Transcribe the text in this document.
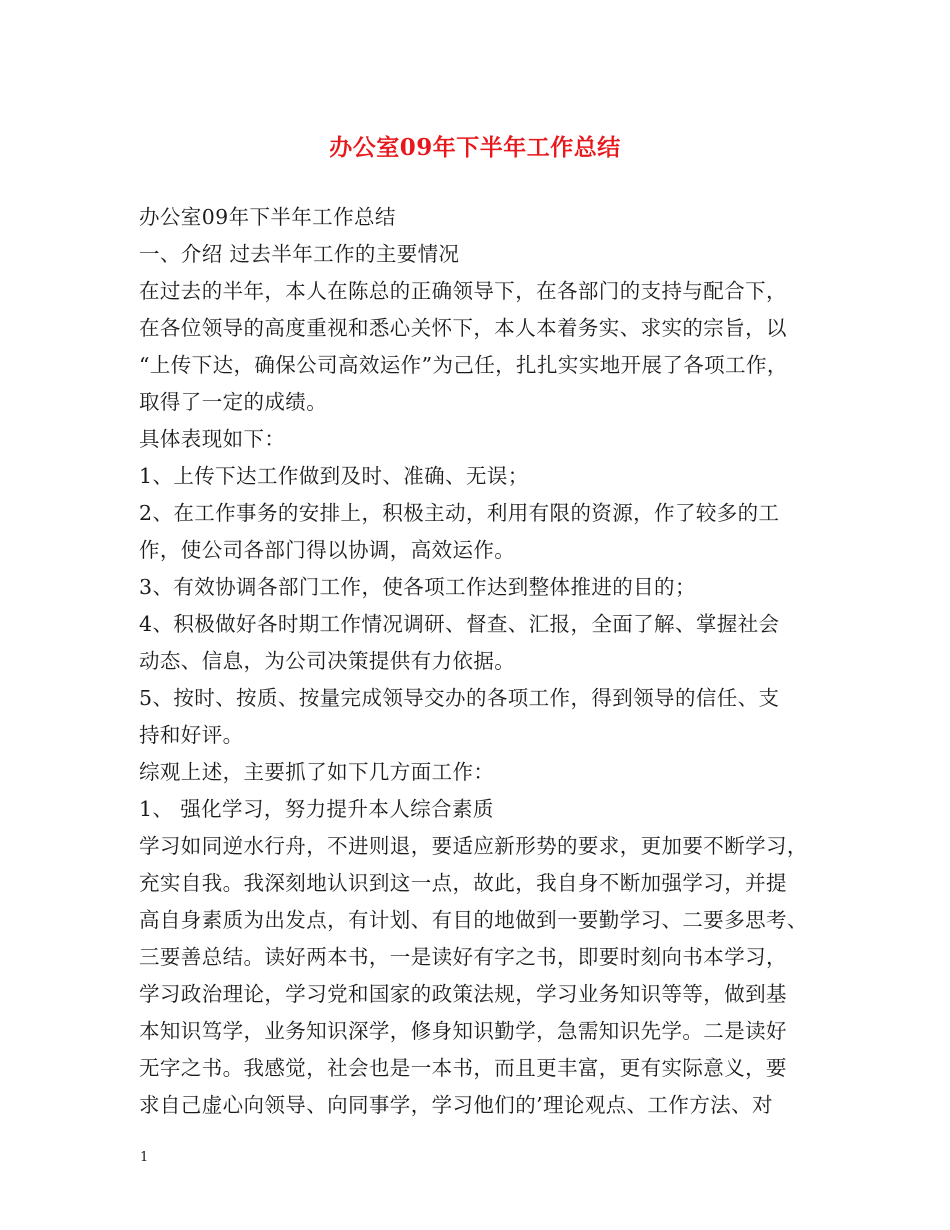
办公室09年下半年工作总结
办公室09年下半年工作总结
一、介绍 过去半年工作的主要情况
在过去的半年，本人在陈总的正确领导下，在各部门的支持与配合下，
在各位领导的高度重视和悉心关怀下，本人本着务实、求实的宗旨，以
“上传下达，确保公司高效运作”为己任，扎扎实实地开展了各项工作，
取得了一定的成绩。
具体表现如下：
1、上传下达工作做到及时、准确、无误；
2、在工作事务的安排上，积极主动，利用有限的资源，作了较多的工
作，使公司各部门得以协调，高效运作。
3、有效协调各部门工作，使各项工作达到整体推进的目的；
4、积极做好各时期工作情况调研、督查、汇报，全面了解、掌握社会
动态、信息，为公司决策提供有力依据。
5、按时、按质、按量完成领导交办的各项工作，得到领导的信任、支
持和好评。
综观上述，主要抓了如下几方面工作：
1、 强化学习，努力提升本人综合素质
学习如同逆水行舟，不进则退，要适应新形势的要求，更加要不断学习，
充实自我。我深刻地认识到这一点，故此，我自身不断加强学习，并提
高自身素质为出发点，有计划、有目的地做到一要勤学习、二要多思考、
三要善总结。读好两本书，一是读好有字之书，即要时刻向书本学习，
学习政治理论，学习党和国家的政策法规，学习业务知识等等，做到基
本知识笃学，业务知识深学，修身知识勤学，急需知识先学。二是读好
无字之书。我感觉，社会也是一本书，而且更丰富，更有实际意义，要
求自己虚心向领导、向同事学，学习他们的’理论观点、工作方法、对
1
